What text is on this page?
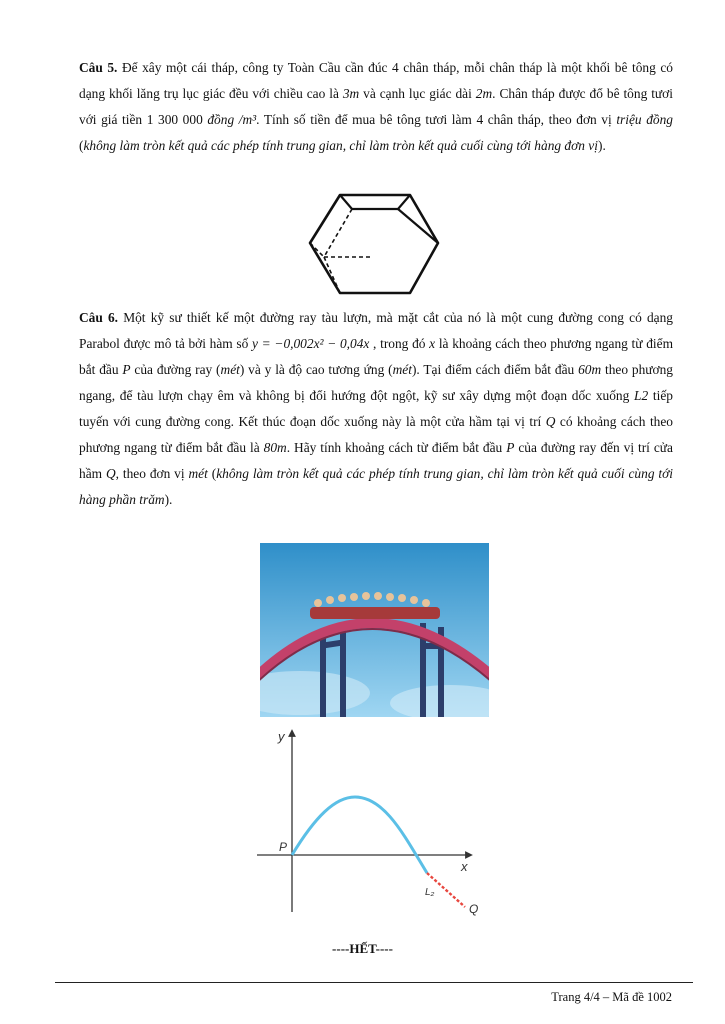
Câu 5. Để xây một cái tháp, công ty Toàn Cầu cần đúc 4 chân tháp, mỗi chân tháp là một khối bê tông có dạng khối lăng trụ lục giác đều với chiều cao là 3m và cạnh lục giác dài 2m. Chân tháp được đổ bê tông tươi với giá tiền 1 300 000 đồng /m³. Tính số tiền để mua bê tông tươi làm 4 chân tháp, theo đơn vị triệu đồng (không làm tròn kết quả các phép tính trung gian, chỉ làm tròn kết quả cuối cùng tới hàng đơn vị).
Câu 6. Một kỹ sư thiết kế một đường ray tàu lượn, mà mặt cắt của nó là một cung đường cong có dạng Parabol được mô tả bởi hàm số y = −0,002x² − 0,04x , trong đó x là khoảng cách theo phương ngang từ điểm bắt đầu P của đường ray (mét) và y là độ cao tương ứng (mét). Tại điểm cách điểm bắt đầu 60m theo phương ngang, để tàu lượn chạy êm và không bị đổi hướng đột ngột, kỹ sư xây dựng một đoạn dốc xuống L2 tiếp tuyến với cung đường cong. Kết thúc đoạn dốc xuống này là một cửa hầm tại vị trí Q có khoảng cách theo phương ngang từ điểm bắt đầu là 80m. Hãy tính khoảng cách từ điểm bắt đầu P của đường ray đến vị trí cửa hầm Q, theo đơn vị mét (không làm tròn kết quả các phép tính trung gian, chỉ làm tròn kết quả cuối cùng tới hàng phần trăm).
y
x
P
L₂
Q
----HẾT----
Trang 4/4 – Mã đề 1002
